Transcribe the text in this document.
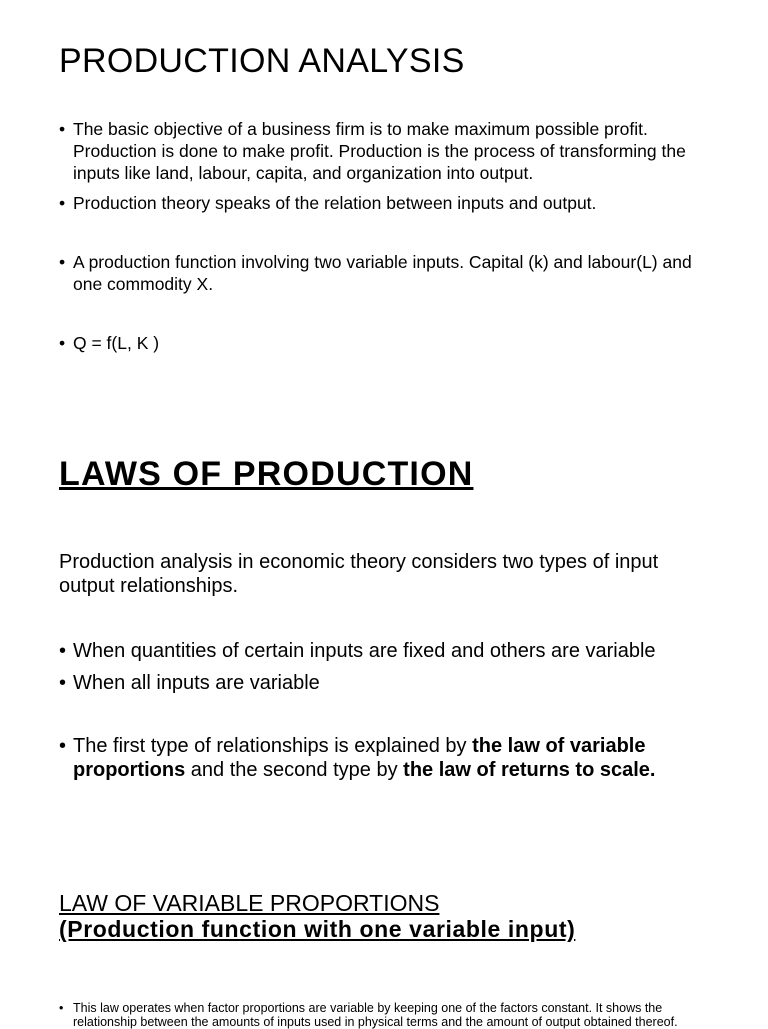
PRODUCTION ANALYSIS
• The basic objective of a business firm is to make maximum possible profit. Production is done to make profit. Production is the process of transforming the inputs like land, labour, capita, and organization into output.
• Production theory speaks of the relation between inputs and output.
• A production function involving two variable inputs. Capital (k) and labour(L) and one commodity X.
• Q = f(L, K )
LAWS OF PRODUCTION

Production analysis in economic theory considers two types of input output relationships.

• When quantities of certain inputs are fixed and others are variable
• When all inputs are variable
• The first type of relationships is explained by the law of variable proportions and the second type by the law of returns to scale.
LAW OF VARIABLE PROPORTIONS
(Production function with one variable input)
• This law operates when factor proportions are variable by keeping one of the factors constant. It shows the relationship between the amounts of inputs used in physical terms and the amount of output obtained thereof.
